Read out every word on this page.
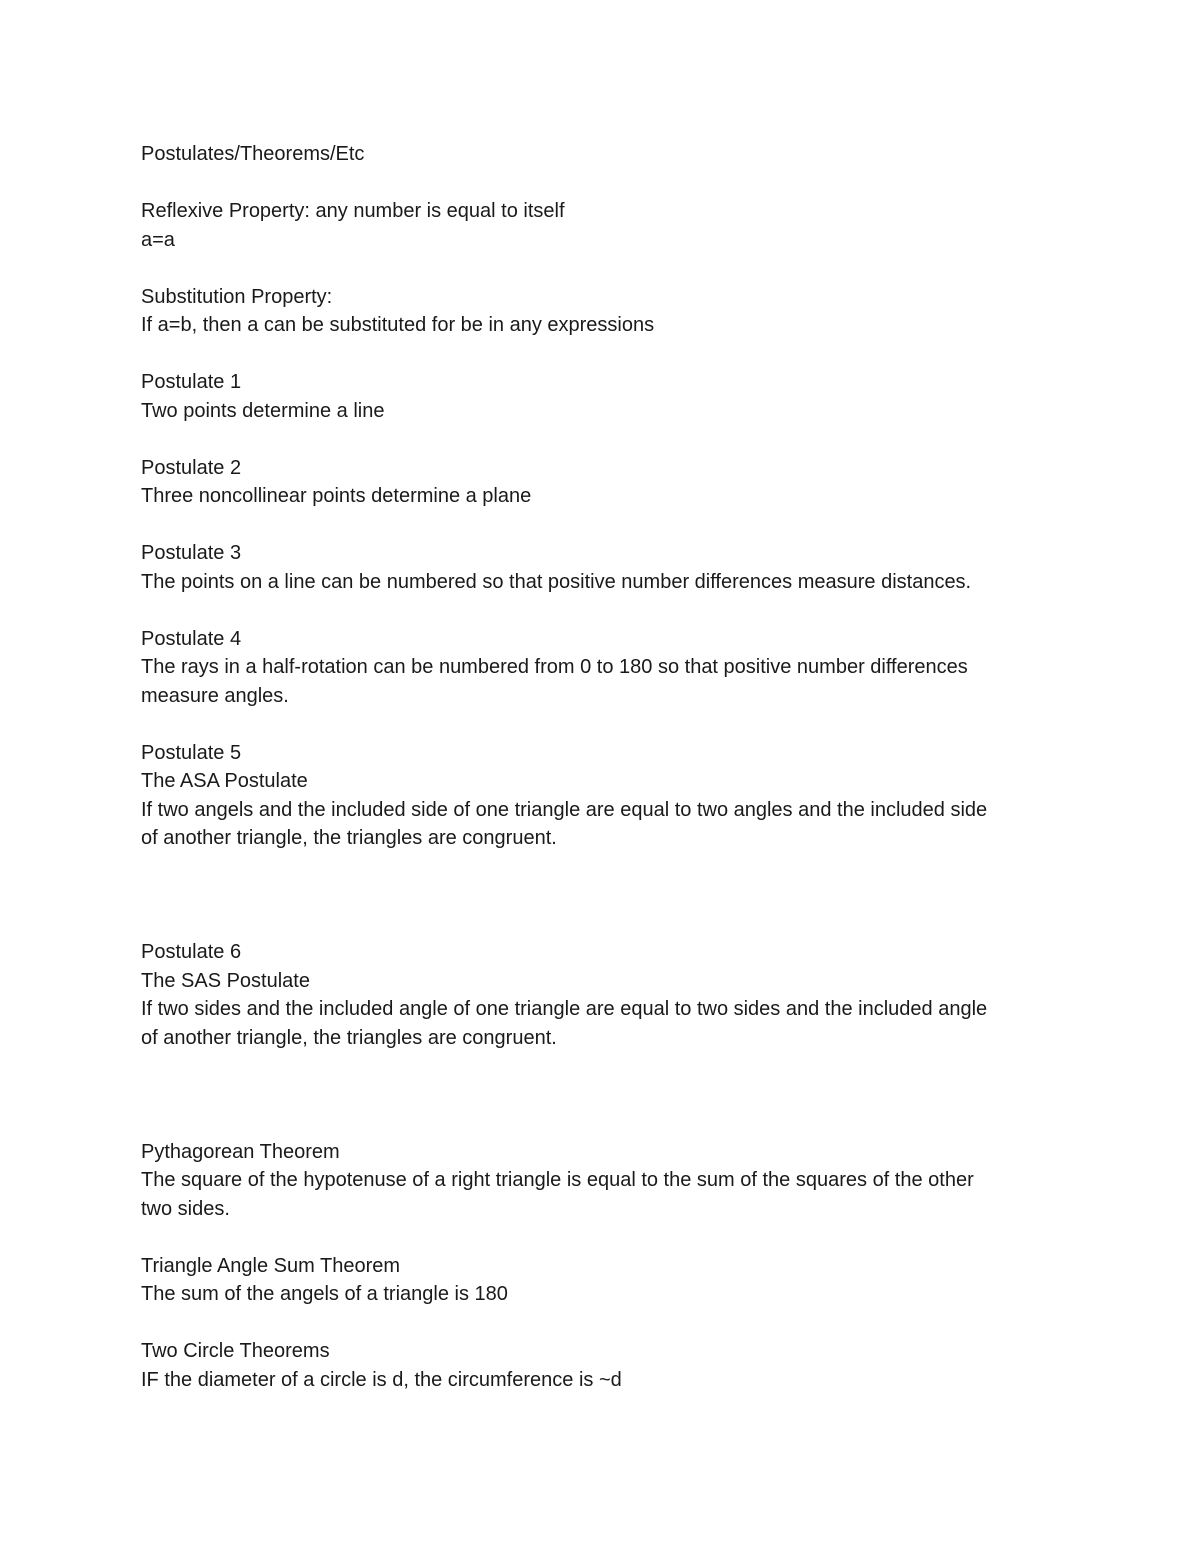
Postulates/Theorems/Etc
Reflexive Property: any number is equal to itself
a=a
Substitution Property:
If a=b, then a can be substituted for be in any expressions
Postulate 1
Two points determine a line
Postulate 2
Three noncollinear points determine a plane
Postulate 3
The points on a line can be numbered so that positive number differences measure distances.
Postulate 4
The rays in a half-rotation can be numbered from 0 to 180 so that positive number differences
measure angles.
Postulate 5
The ASA Postulate
If two angels and the included side of one triangle are equal to two angles and the included side
of another triangle, the triangles are congruent.
Postulate 6
The SAS Postulate
If two sides and the included angle of one triangle are equal to two sides and the included angle
of another triangle, the triangles are congruent.
Pythagorean Theorem
The square of the hypotenuse of a right triangle is equal to the sum of the squares of the other
two sides.
Triangle Angle Sum Theorem
The sum of the angels of a triangle is 180
Two Circle Theorems
IF the diameter of a circle is d, the circumference is ~d
